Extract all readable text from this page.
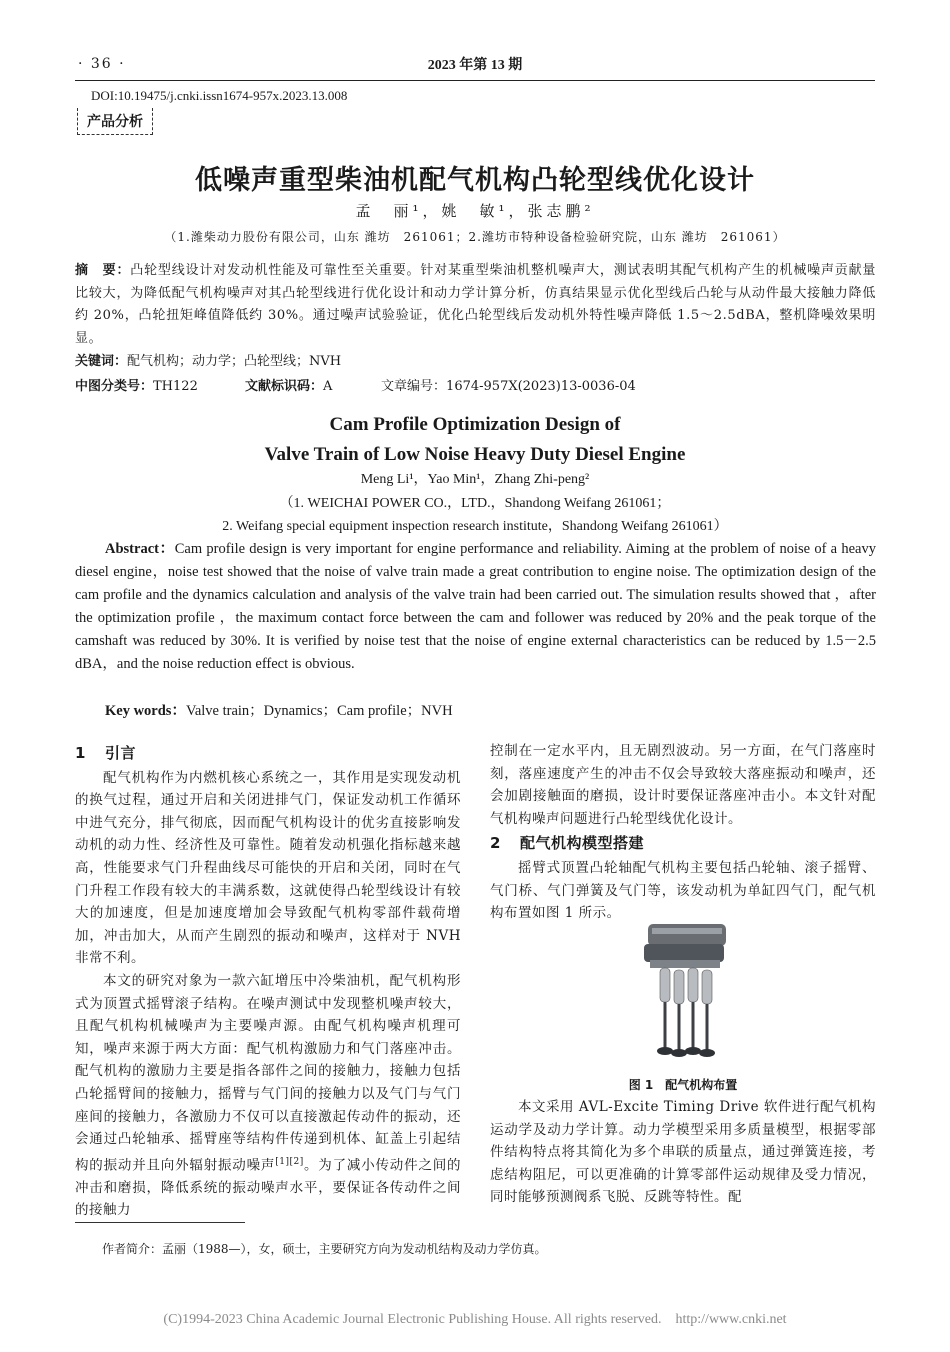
· 36 ·	2023 年第 13 期
DOI:10.19475/j.cnki.issn1674-957x.2023.13.008
产品分析
低噪声重型柴油机配气机构凸轮型线优化设计
孟　丽¹，姚　敏¹，张志鹏²
（1.潍柴动力股份有限公司，山东 潍坊　261061；2.潍坊市特种设备检验研究院，山东 潍坊　261061）
摘　要：凸轮型线设计对发动机性能及可靠性至关重要。针对某重型柴油机整机噪声大，测试表明其配气机构产生的机械噪声贡献量比较大，为降低配气机构噪声对其凸轮型线进行优化设计和动力学计算分析，仿真结果显示优化型线后凸轮与从动件最大接触力降低约 20%，凸轮扭矩峰值降低约 30%。通过噪声试验验证，优化凸轮型线后发动机外特性噪声降低 1.5～2.5dBA，整机降噪效果明显。
关键词：配气机构；动力学；凸轮型线；NVH
中图分类号：TH122	文献标识码：A	文章编号：1674-957X(2023)13-0036-04
Cam Profile Optimization Design of
Valve Train of Low Noise Heavy Duty Diesel Engine
Meng Li¹，Yao Min¹，Zhang Zhi-peng²
（1. WEICHAI POWER CO.，LTD.，Shandong Weifang 261061；
2. Weifang special equipment inspection research institute，Shandong Weifang 261061）
Abstract：Cam profile design is very important for engine performance and reliability. Aiming at the problem of noise of a heavy diesel engine，noise test showed that the noise of valve train made a great contribution to engine noise. The optimization design of the cam profile and the dynamics calculation and analysis of the valve train had been carried out. The simulation results showed that ，after the optimization profile ，the maximum contact force between the cam and follower was reduced by 20% and the peak torque of the camshaft was reduced by 30%. It is verified by noise test that the noise of engine external characteristics can be reduced by 1.5－2.5 dBA，and the noise reduction effect is obvious.
Key words：Valve train；Dynamics；Cam profile；NVH
1 引言

配气机构作为内燃机核心系统之一，其作用是实现发动机的换气过程，通过开启和关闭进排气门，保证发动机工作循环中进气充分，排气彻底，因而配气机构设计的优劣直接影响发动机的动力性、经济性及可靠性。随着发动机强化指标越来越高，性能要求气门升程曲线尽可能快的开启和关闭，同时在气门升程工作段有较大的丰满系数，这就使得凸轮型线设计有较大的加速度，但是加速度增加会导致配气机构零部件载荷增加，冲击加大，从而产生剧烈的振动和噪声，这样对于 NVH 非常不利。

本文的研究对象为一款六缸增压中冷柴油机，配气机构形式为顶置式摇臂滚子结构。在噪声测试中发现整机噪声较大，且配气机构机械噪声为主要噪声源。由配气机构噪声机理可知，噪声来源于两大方面：配气机构激励力和气门落座冲击。配气机构的激励力主要是指各部件之间的接触力，接触力包括凸轮摇臂间的接触力，摇臂与气门间的接触力以及气门与气门座间的接触力，各激励力不仅可以直接激起传动件的振动，还会通过凸轮轴承、摇臂座等结构件传递到机体、缸盖上引起结构的振动并且向外辐射振动噪声[1][2]。为了减小传动件之间的冲击和磨损，降低系统的振动噪声水平，要保证各传动件之间的接触力

控制在一定水平内，且无剧烈波动。另一方面，在气门落座时刻，落座速度产生的冲击不仅会导致较大落座振动和噪声，还会加剧接触面的磨损，设计时要保证落座冲击小。本文针对配气机构噪声问题进行凸轮型线优化设计。

2 配气机构模型搭建

摇臂式顶置凸轮轴配气机构主要包括凸轮轴、滚子摇臂、气门桥、气门弹簧及气门等，该发动机为单缸四气门，配气机构布置如图 1 所示。

图 1　配气机构布置

本文采用 AVL-Excite Timing Drive 软件进行配气机构运动学及动力学计算。动力学模型采用多质量模型，根据零部件结构特点将其简化为多个串联的质量点，通过弹簧连接，考虑结构阻尼，可以更准确的计算零部件运动规律及受力情况，同时能够预测阀系飞脱、反跳等特性。配

作者简介：孟丽（1988—），女，硕士，主要研究方向为发动机结构及动力学仿真。
(C)1994-2023 China Academic Journal Electronic Publishing House. All rights reserved.　http://www.cnki.net
